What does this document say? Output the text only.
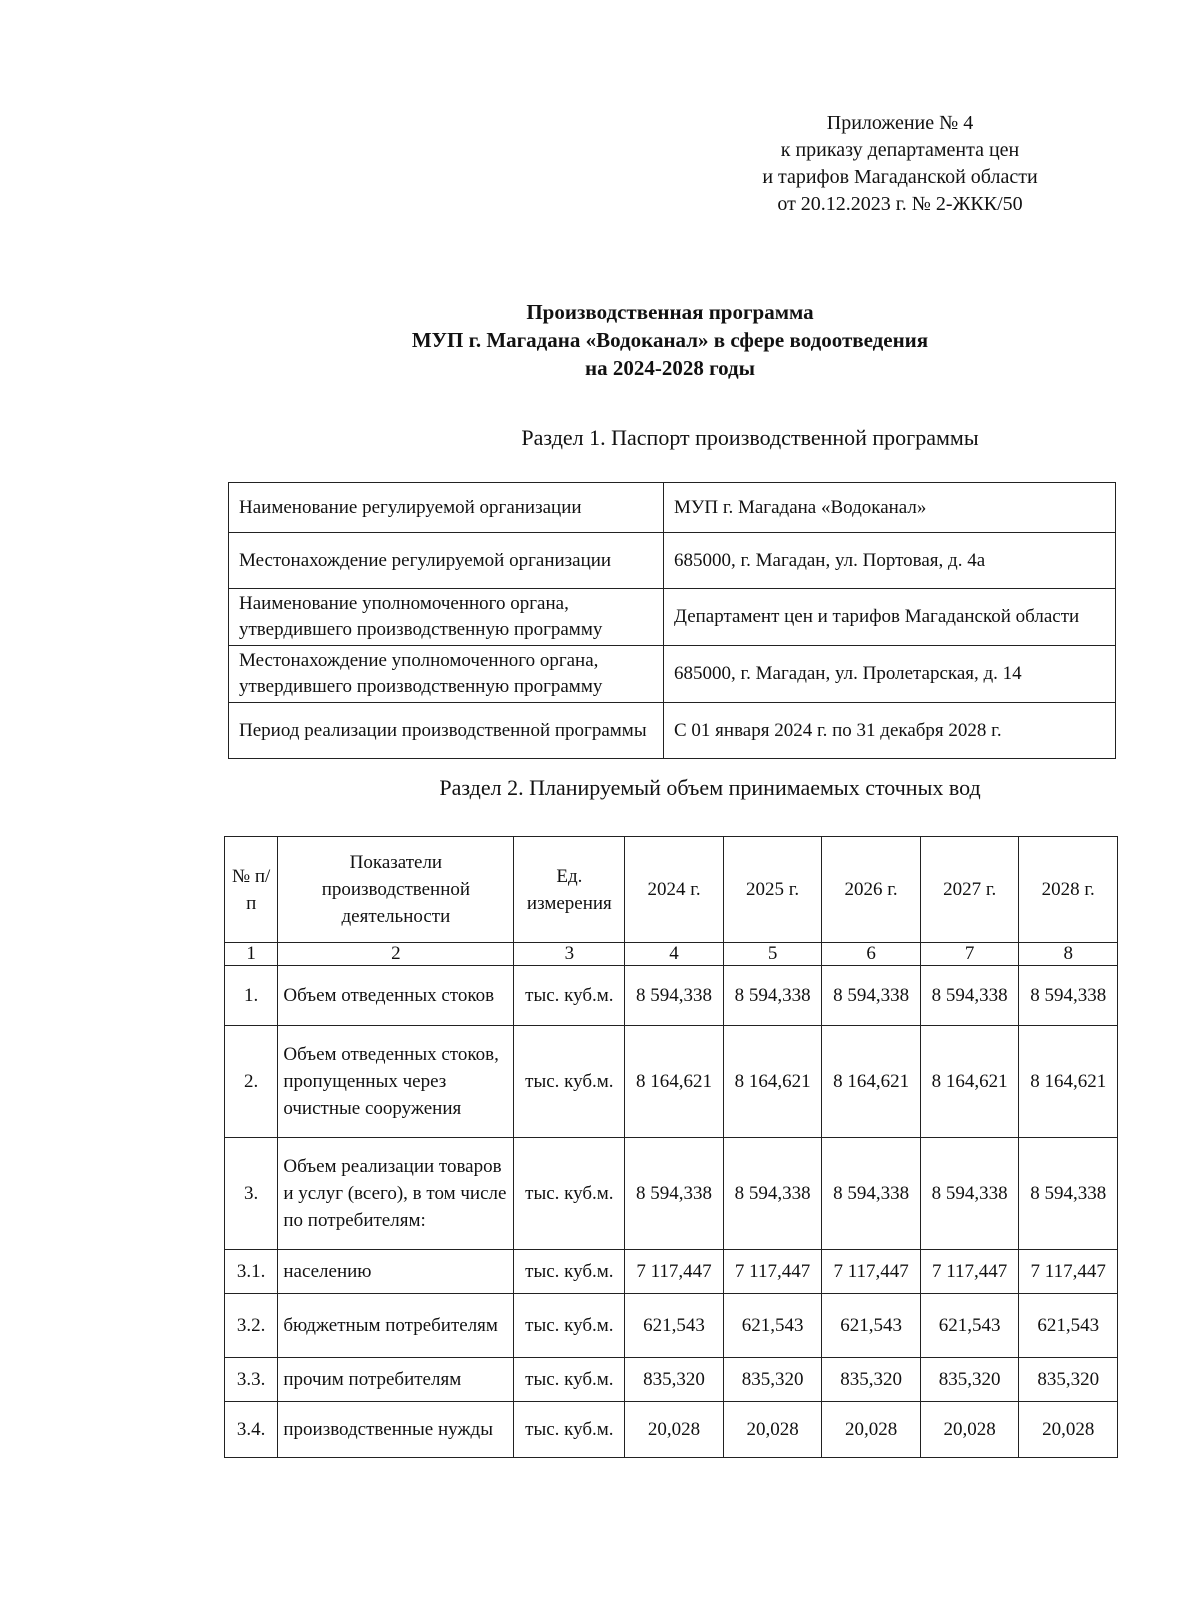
Приложение № 4
к приказу департамента цен
и тарифов Магаданской области
от 20.12.2023 г. № 2-ЖКК/50
Производственная программа
МУП г. Магадана «Водоканал» в сфере водоотведения
на 2024-2028 годы
Раздел 1. Паспорт производственной программы
Наименование регулируемой организации	МУП г. Магадана «Водоканал»
Местонахождение регулируемой организации	685000, г. Магадан, ул. Портовая, д. 4а
Наименование уполномоченного органа, утвердившего производственную программу	Департамент цен и тарифов Магаданской области
Местонахождение уполномоченного органа, утвердившего производственную программу	685000, г. Магадан, ул. Пролетарская, д. 14
Период реализации производственной программы	С 01 января 2024 г. по 31 декабря 2028 г.
Раздел 2. Планируемый объем принимаемых сточных вод
№ п/п	Показатели производственной деятельности	Ед. измерения	2024 г.	2025 г.	2026 г.	2027 г.	2028 г.
1	2	3	4	5	6	7	8
1.	Объем отведенных стоков	тыс. куб.м.	8 594,338	8 594,338	8 594,338	8 594,338	8 594,338
2.	Объем отведенных стоков, пропущенных через очистные сооружения	тыс. куб.м.	8 164,621	8 164,621	8 164,621	8 164,621	8 164,621
3.	Объем реализации товаров и услуг (всего), в том числе по потребителям:	тыс. куб.м.	8 594,338	8 594,338	8 594,338	8 594,338	8 594,338
3.1.	населению	тыс. куб.м.	7 117,447	7 117,447	7 117,447	7 117,447	7 117,447
3.2.	бюджетным потребителям	тыс. куб.м.	621,543	621,543	621,543	621,543	621,543
3.3.	прочим потребителям	тыс. куб.м.	835,320	835,320	835,320	835,320	835,320
3.4.	производственные нужды	тыс. куб.м.	20,028	20,028	20,028	20,028	20,028
